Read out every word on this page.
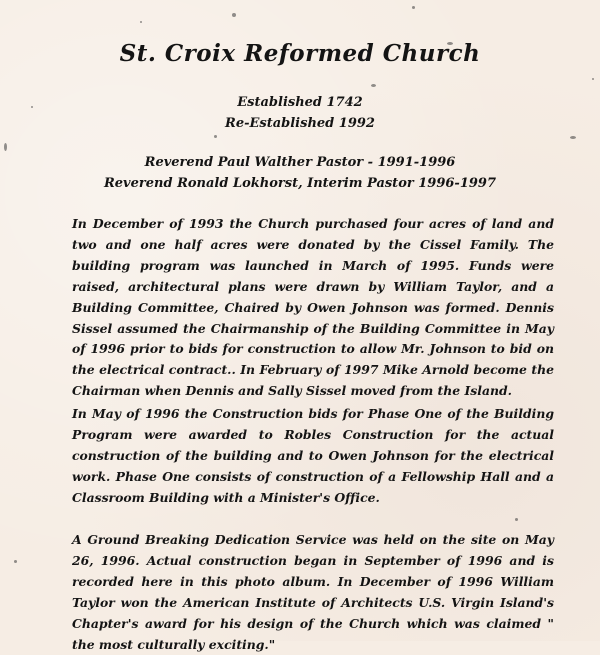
St. Croix Reformed Church
Established 1742
Re-Established 1992
Reverend Paul Walther Pastor - 1991-1996
Reverend Ronald Lokhorst, Interim Pastor 1996-1997

In December of 1993 the Church purchased four acres of land and two and one half acres were donated by the Cissel Family. The building program was launched in March of 1995. Funds were raised, architectural plans were drawn by William Taylor, and a Building Committee, Chaired by Owen Johnson was formed. Dennis Sissel assumed the Chairmanship of the Building Committee in May of 1996 prior to bids for construction to allow Mr. Johnson to bid on the electrical contract.. In February of 1997 Mike Arnold become the Chairman when Dennis and Sally Sissel moved from the Island.

In May of 1996 the Construction bids for Phase One of the Building Program were awarded to Robles Construction for the actual construction of the building and to Owen Johnson for the electrical work. Phase One consists of construction of a Fellowship Hall and a Classroom Building with a Minister's Office.

A Ground Breaking Dedication Service was held on the site on May 26, 1996. Actual construction began in September of 1996 and is recorded here in this photo album. In December of 1996 William Taylor won the American Institute of Architects U.S. Virgin Island's Chapter's award for his design of the Church which was claimed " the most culturally exciting."
